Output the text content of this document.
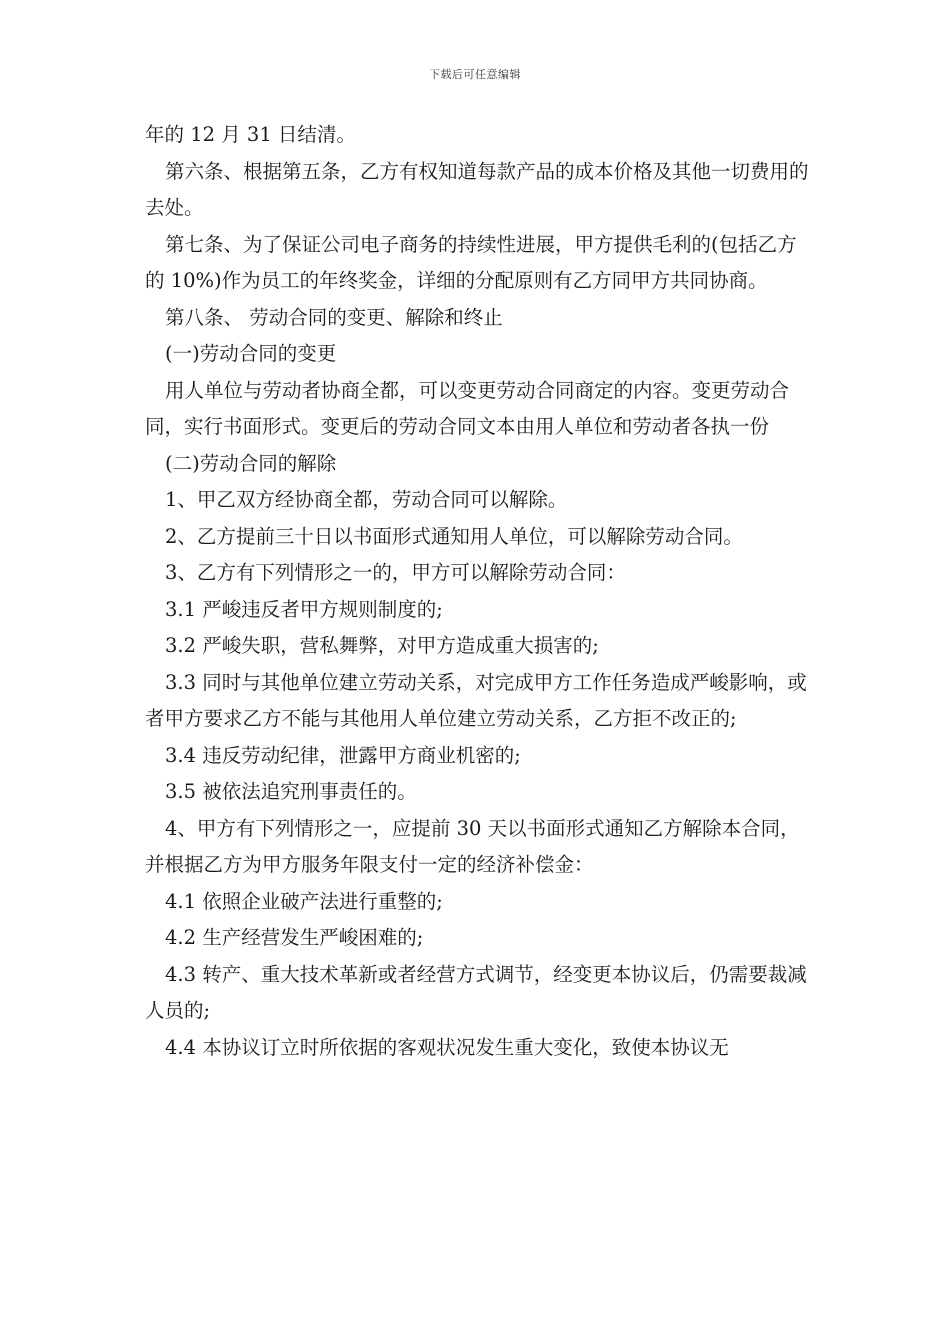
下载后可任意编辑

年的 12 月 31 日结清。

第六条、根据第五条，乙方有权知道每款产品的成本价格及其他一切费用的去处。

第七条、为了保证公司电子商务的持续性进展，甲方提供毛利的(包括乙方的 10%)作为员工的年终奖金，详细的分配原则有乙方同甲方共同协商。

第八条、 劳动合同的变更、解除和终止

(一)劳动合同的变更

用人单位与劳动者协商全都，可以变更劳动合同商定的内容。变更劳动合同，实行书面形式。变更后的劳动合同文本由用人单位和劳动者各执一份

(二)劳动合同的解除

1、甲乙双方经协商全都，劳动合同可以解除。

2、乙方提前三十日以书面形式通知用人单位，可以解除劳动合同。

3、乙方有下列情形之一的，甲方可以解除劳动合同：

3.1 严峻违反者甲方规则制度的;

3.2 严峻失职，营私舞弊，对甲方造成重大损害的;

3.3 同时与其他单位建立劳动关系，对完成甲方工作任务造成严峻影响，或者甲方要求乙方不能与其他用人单位建立劳动关系，乙方拒不改正的;

3.4 违反劳动纪律，泄露甲方商业机密的;

3.5 被依法追究刑事责任的。

4、甲方有下列情形之一，应提前 30 天以书面形式通知乙方解除本合同，并根据乙方为甲方服务年限支付一定的经济补偿金：

4.1 依照企业破产法进行重整的;

4.2 生产经营发生严峻困难的;

4.3 转产、重大技术革新或者经营方式调节，经变更本协议后，仍需要裁减人员的;

4.4 本协议订立时所依据的客观状况发生重大变化，致使本协议无
